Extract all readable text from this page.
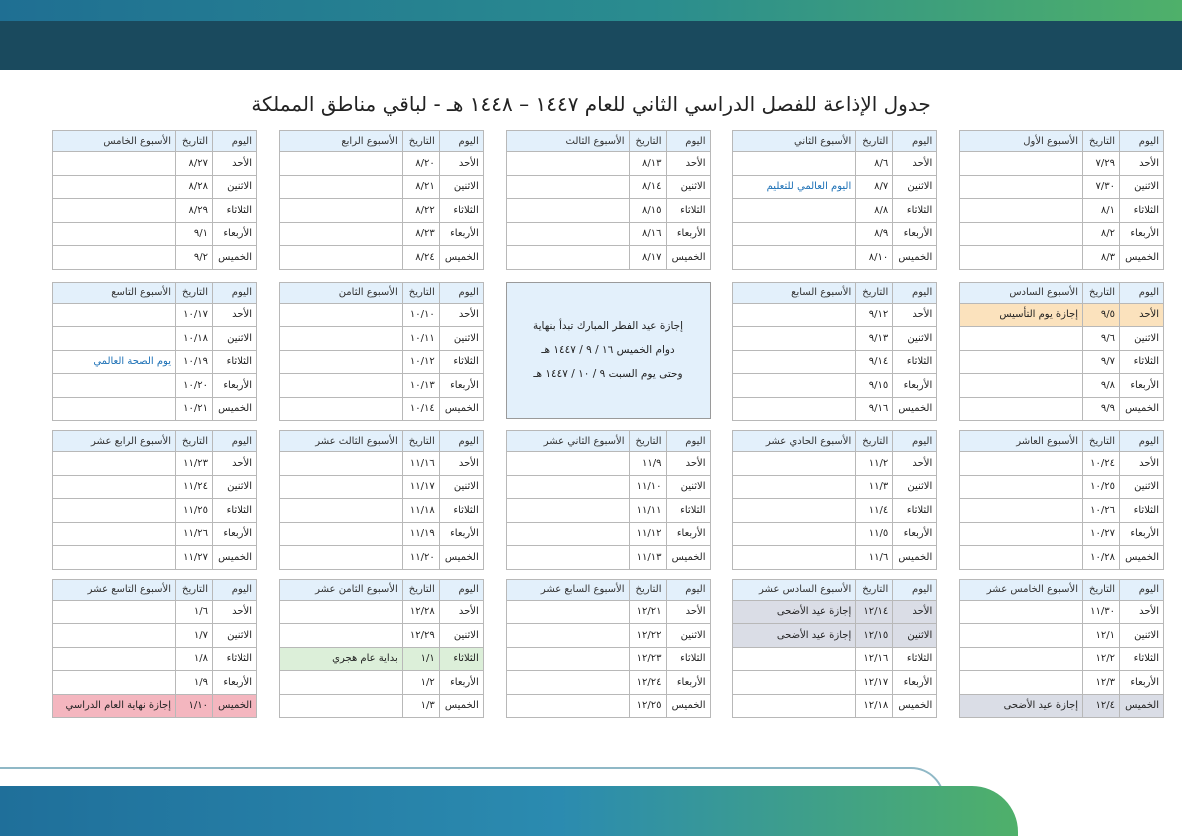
جدول الإذاعة للفصل الدراسي الثاني للعام ١٤٤٧ – ١٤٤٨ هـ - لباقي مناطق المملكة
اليوم	التاريخ	الأسبوع الأول
الأحد	٧/٢٩	
الاثنين	٧/٣٠	
الثلاثاء	٨/١	
الأربعاء	٨/٢	
الخميس	٨/٣	
اليوم	التاريخ	الأسبوع الثاني
الأحد	٨/٦	
الاثنين	٨/٧	اليوم العالمي للتعليم
الثلاثاء	٨/٨	
الأربعاء	٨/٩	
الخميس	٨/١٠	
اليوم	التاريخ	الأسبوع الثالث
الأحد	٨/١٣	
الاثنين	٨/١٤	
الثلاثاء	٨/١٥	
الأربعاء	٨/١٦	
الخميس	٨/١٧	
اليوم	التاريخ	الأسبوع الرابع
الأحد	٨/٢٠	
الاثنين	٨/٢١	
الثلاثاء	٨/٢٢	
الأربعاء	٨/٢٣	
الخميس	٨/٢٤	
اليوم	التاريخ	الأسبوع الخامس
الأحد	٨/٢٧	
الاثنين	٨/٢٨	
الثلاثاء	٨/٢٩	
الأربعاء	٩/١	
الخميس	٩/٢	
اليوم	التاريخ	الأسبوع السادس
الأحد	٩/٥	إجازة يوم التأسيس
الاثنين	٩/٦	
الثلاثاء	٩/٧	
الأربعاء	٩/٨	
الخميس	٩/٩	
اليوم	التاريخ	الأسبوع السابع
الأحد	٩/١٢	
الاثنين	٩/١٣	
الثلاثاء	٩/١٤	
الأربعاء	٩/١٥	
الخميس	٩/١٦	
إجازة عيد الفطر المبارك تبدأ بنهاية
دوام الخميس ١٦ / ٩ / ١٤٤٧ هـ
وحتى يوم السبت ٩ / ١٠ / ١٤٤٧ هـ
اليوم	التاريخ	الأسبوع الثامن
الأحد	١٠/١٠	
الاثنين	١٠/١١	
الثلاثاء	١٠/١٢	
الأربعاء	١٠/١٣	
الخميس	١٠/١٤	
اليوم	التاريخ	الأسبوع التاسع
الأحد	١٠/١٧	
الاثنين	١٠/١٨	
الثلاثاء	١٠/١٩	يوم الصحة العالمي
الأربعاء	١٠/٢٠	
الخميس	١٠/٢١	
اليوم	التاريخ	الأسبوع العاشر
الأحد	١٠/٢٤	
الاثنين	١٠/٢٥	
الثلاثاء	١٠/٢٦	
الأربعاء	١٠/٢٧	
الخميس	١٠/٢٨	
اليوم	التاريخ	الأسبوع الحادي عشر
الأحد	١١/٢	
الاثنين	١١/٣	
الثلاثاء	١١/٤	
الأربعاء	١١/٥	
الخميس	١١/٦	
اليوم	التاريخ	الأسبوع الثاني عشر
الأحد	١١/٩	
الاثنين	١١/١٠	
الثلاثاء	١١/١١	
الأربعاء	١١/١٢	
الخميس	١١/١٣	
اليوم	التاريخ	الأسبوع الثالث عشر
الأحد	١١/١٦	
الاثنين	١١/١٧	
الثلاثاء	١١/١٨	
الأربعاء	١١/١٩	
الخميس	١١/٢٠	
اليوم	التاريخ	الأسبوع الرابع عشر
الأحد	١١/٢٣	
الاثنين	١١/٢٤	
الثلاثاء	١١/٢٥	
الأربعاء	١١/٢٦	
الخميس	١١/٢٧	
اليوم	التاريخ	الأسبوع الخامس عشر
الأحد	١١/٣٠	
الاثنين	١٢/١	
الثلاثاء	١٢/٢	
الأربعاء	١٢/٣	
الخميس	١٢/٤	إجازة عيد الأضحى
اليوم	التاريخ	الأسبوع السادس عشر
الأحد	١٢/١٤	إجازة عيد الأضحى
الاثنين	١٢/١٥	إجازة عيد الأضحى
الثلاثاء	١٢/١٦	
الأربعاء	١٢/١٧	
الخميس	١٢/١٨	
اليوم	التاريخ	الأسبوع السابع عشر
الأحد	١٢/٢١	
الاثنين	١٢/٢٢	
الثلاثاء	١٢/٢٣	
الأربعاء	١٢/٢٤	
الخميس	١٢/٢٥	
اليوم	التاريخ	الأسبوع الثامن عشر
الأحد	١٢/٢٨	
الاثنين	١٢/٢٩	
الثلاثاء	١/١	بداية عام هجري
الأربعاء	١/٢	
الخميس	١/٣	
اليوم	التاريخ	الأسبوع التاسع عشر
الأحد	١/٦	
الاثنين	١/٧	
الثلاثاء	١/٨	
الأربعاء	١/٩	
الخميس	١/١٠	إجازة نهاية العام الدراسي
